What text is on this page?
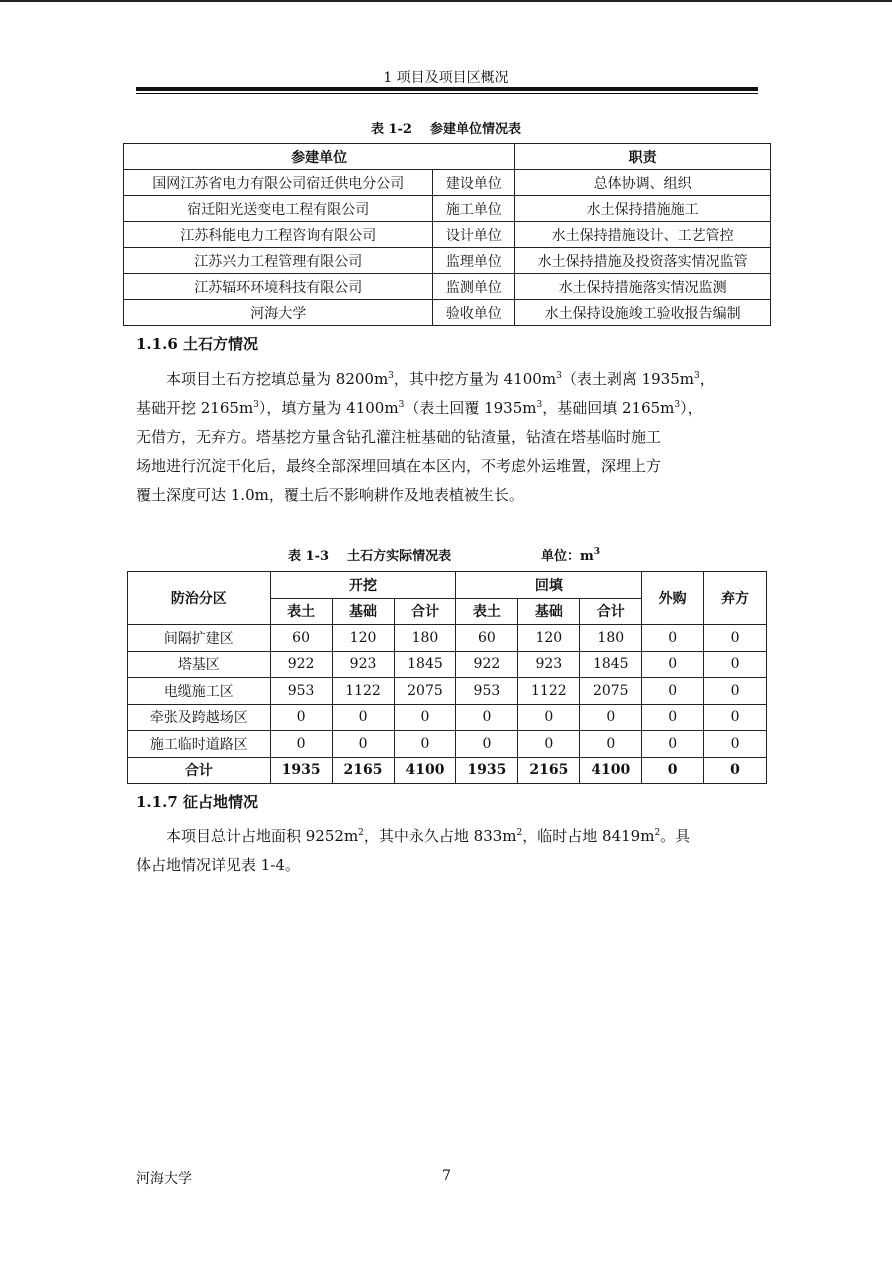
1 项目及项目区概况
表 1-2    参建单位情况表
参建单位		职责
国网江苏省电力有限公司宿迁供电分公司	建设单位	总体协调、组织
宿迁阳光送变电工程有限公司	施工单位	水土保持措施施工
江苏科能电力工程咨询有限公司	设计单位	水土保持措施设计、工艺管控
江苏兴力工程管理有限公司	监理单位	水土保持措施及投资落实情况监管
江苏辐环环境科技有限公司	监测单位	水土保持措施落实情况监测
河海大学	验收单位	水土保持设施竣工验收报告编制
1.1.6 土石方情况
本项目土石方挖填总量为 $8200m^3$，其中挖方量为 $4100m^3$（表土剥离 $1935m^3$，
基础开挖 $2165m^3$），填方量为 $4100m^3$（表土回覆 $1935m^3$，基础回填 $2165m^3$），
无借方，无弃方。塔基挖方量含钻孔灌注桩基础的钻渣量，钻渣在塔基临时施工
场地进行沉淀干化后，最终全部深埋回填在本区内，不考虑外运堆置，深埋上方
覆土深度可达 1.0m，覆土后不影响耕作及地表植被生长。
表 1-3    土石方实际情况表	单位：$m^3$
防治分区	开挖			回填			外购	弃方
	表土	基础	合计	表土	基础	合计		
间隔扩建区	60	120	180	60	120	180	0	0
塔基区	922	923	1845	922	923	1845	0	0
电缆施工区	953	1122	2075	953	1122	2075	0	0
牵张及跨越场区	0	0	0	0	0	0	0	0
施工临时道路区	0	0	0	0	0	0	0	0
合计	1935	2165	4100	1935	2165	4100	0	0
1.1.7 征占地情况
本项目总计占地面积 $9252m^2$，其中永久占地 $833m^2$，临时占地 $8419m^2$。具
体占地情况详见表 1-4。
河海大学	7
